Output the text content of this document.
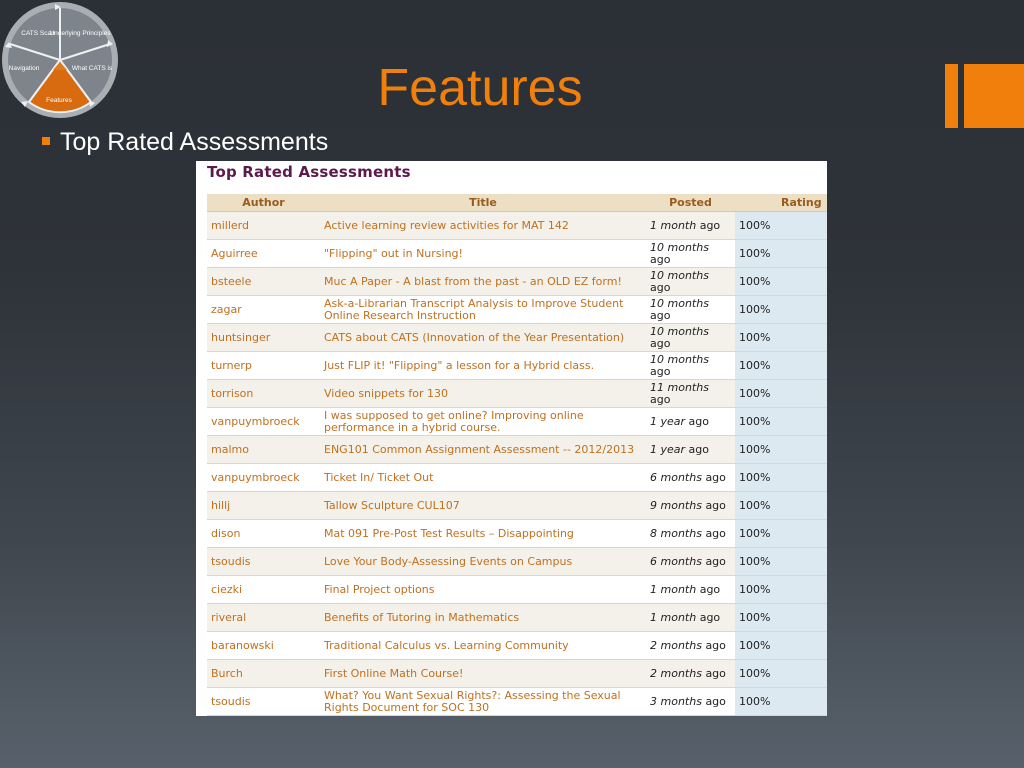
CATS Scan
Underlying Principles
What CATS is
Features
Navigation	Features
Top Rated Assessments
Top Rated Assessments
Author	Title	Posted	Rating
millerd	Active learning review activities for MAT 142	1 month ago	100%
Aguirree	"Flipping" out in Nursing!	10 months ago	100%
bsteele	Muc A Paper - A blast from the past - an OLD EZ form!	10 months ago	100%
zagar	Ask-a-Librarian Transcript Analysis to Improve Student Online Research Instruction	10 months ago	100%
huntsinger	CATS about CATS (Innovation of the Year Presentation)	10 months ago	100%
turnerp	Just FLIP it! "Flipping" a lesson for a Hybrid class.	10 months ago	100%
torrison	Video snippets for 130	11 months ago	100%
vanpuymbroeck	I was supposed to get online? Improving online performance in a hybrid course.	1 year ago	100%
malmo	ENG101 Common Assignment Assessment -- 2012/2013	1 year ago	100%
vanpuymbroeck	Ticket In/ Ticket Out	6 months ago	100%
hillj	Tallow Sculpture CUL107	9 months ago	100%
dison	Mat 091 Pre-Post Test Results – Disappointing	8 months ago	100%
tsoudis	Love Your Body-Assessing Events on Campus	6 months ago	100%
ciezki	Final Project options	1 month ago	100%
riveral	Benefits of Tutoring in Mathematics	1 month ago	100%
baranowski	Traditional Calculus vs. Learning Community	2 months ago	100%
Burch	First Online Math Course!	2 months ago	100%
tsoudis	What? You Want Sexual Rights?: Assessing the Sexual Rights Document for SOC 130	3 months ago	100%
